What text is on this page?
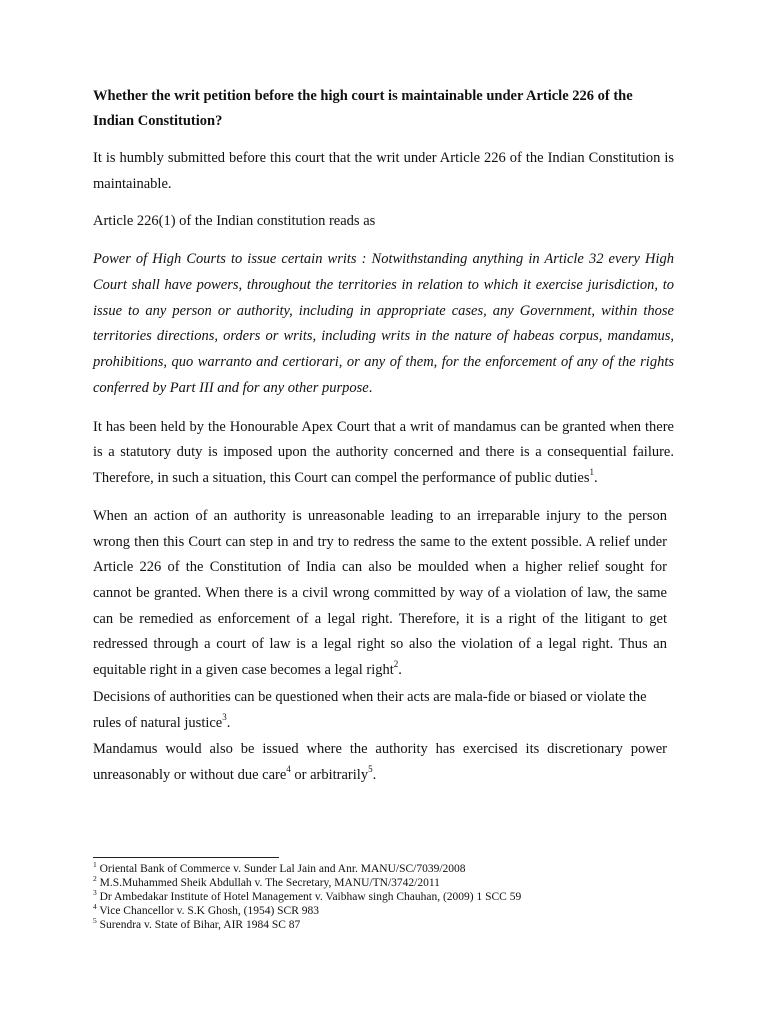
Whether the writ petition before the high court is maintainable under Article 226 of the Indian Constitution?

It is humbly submitted before this court that the writ under Article 226 of the Indian Constitution is maintainable.

Article 226(1) of the Indian constitution reads as

Power of High Courts to issue certain writs : Notwithstanding anything in Article 32 every High Court shall have powers, throughout the territories in relation to which it exercise jurisdiction, to issue to any person or authority, including in appropriate cases, any Government, within those territories directions, orders or writs, including writs in the nature of habeas corpus, mandamus, prohibitions, quo warranto and certiorari, or any of them, for the enforcement of any of the rights conferred by Part III and for any other purpose.

It has been held by the Honourable Apex Court that a writ of mandamus can be granted when there is a statutory duty is imposed upon the authority concerned and there is a consequential failure. Therefore, in such a situation, this Court can compel the performance of public duties$^1$.

When an action of an authority is unreasonable leading to an irreparable injury to the person wrong then this Court can step in and try to redress the same to the extent possible. A relief under Article 226 of the Constitution of India can also be moulded when a higher relief sought for cannot be granted. When there is a civil wrong committed by way of a violation of law, the same can be remedied as enforcement of a legal right. Therefore, it is a right of the litigant to get redressed through a court of law is a legal right so also the violation of a legal right. Thus an equitable right in a given case becomes a legal right$^2$.

Decisions of authorities can be questioned when their acts are mala-fide or biased or violate the rules of natural justice$^3$.

Mandamus would also be issued where the authority has exercised its discretionary power unreasonably or without due care$^4$ or arbitrarily$^5$.

$^1$ Oriental Bank of Commerce v. Sunder Lal Jain and Anr. MANU/SC/7039/2008
$^2$ M.S.Muhammed Sheik Abdullah v. The Secretary, MANU/TN/3742/2011
$^3$ Dr Ambedakar Institute of Hotel Management v. Vaibhaw singh Chauhan, (2009) 1 SCC 59
$^4$ Vice Chancellor v. S.K Ghosh, (1954) SCR 983
$^5$ Surendra v. State of Bihar, AIR 1984 SC 87
